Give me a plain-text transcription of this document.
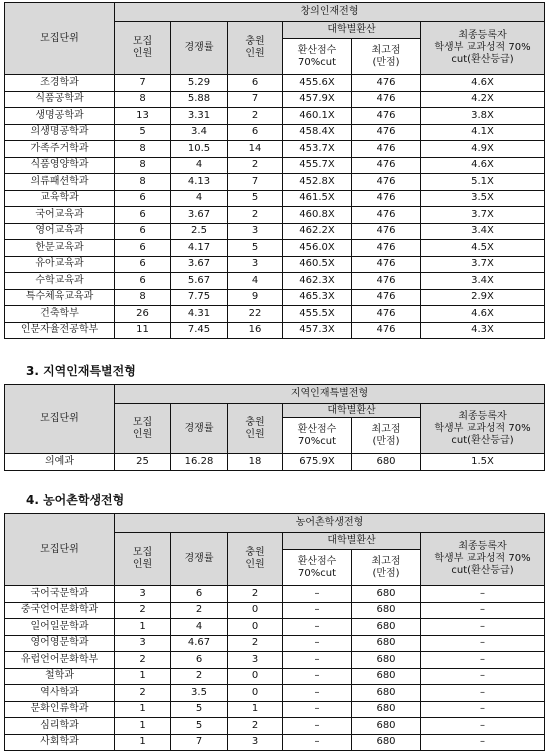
모집단위	창의인재전형					
	모집
인원	경쟁률	충원
인원	대학별환산		최종등록자
학생부 교과성적 70%
cut(환산등급)
				환산점수
70%cut	최고점
(만점)	
조경학과	7	5.29	6	455.6X	476	4.6X
식품공학과	8	5.88	7	457.9X	476	4.2X
생명공학과	13	3.31	2	460.1X	476	3.8X
의생명공학과	5	3.4	6	458.4X	476	4.1X
가족주거학과	8	10.5	14	453.7X	476	4.9X
식품영양학과	8	4	2	455.7X	476	4.6X
의류패션학과	8	4.13	7	452.8X	476	5.1X
교육학과	6	4	5	461.5X	476	3.5X
국어교육과	6	3.67	2	460.8X	476	3.7X
영어교육과	6	2.5	3	462.2X	476	3.4X
한문교육과	6	4.17	5	456.0X	476	4.5X
유아교육과	6	3.67	3	460.5X	476	3.7X
수학교육과	6	5.67	4	462.3X	476	3.4X
특수체육교육과	8	7.75	9	465.3X	476	2.9X
건축학부	26	4.31	22	455.5X	476	4.6X
인문자율전공학부	11	7.45	16	457.3X	476	4.3X
3. 지역인재특별전형
모집단위	지역인재특별전형					
	모집
인원	경쟁률	충원
인원	대학별환산		최종등록자
학생부 교과성적 70%
cut(환산등급)
				환산점수
70%cut	최고점
(만점)	
의예과	25	16.28	18	675.9X	680	1.5X
4. 농어촌학생전형
모집단위	농어촌학생전형					
	모집
인원	경쟁률	충원
인원	대학별환산		최종등록자
학생부 교과성적 70%
cut(환산등급)
				환산점수
70%cut	최고점
(만점)	
국어국문학과	3	6	2	–	680	–
중국언어문화학과	2	2	0	–	680	–
일어일문학과	1	4	0	–	680	–
영어영문학과	3	4.67	2	–	680	–
유럽언어문화학부	2	6	3	–	680	–
철학과	1	2	0	–	680	–
역사학과	2	3.5	0	–	680	–
문화인류학과	1	5	1	–	680	–
심리학과	1	5	2	–	680	–
사회학과	1	7	3	–	680	–
